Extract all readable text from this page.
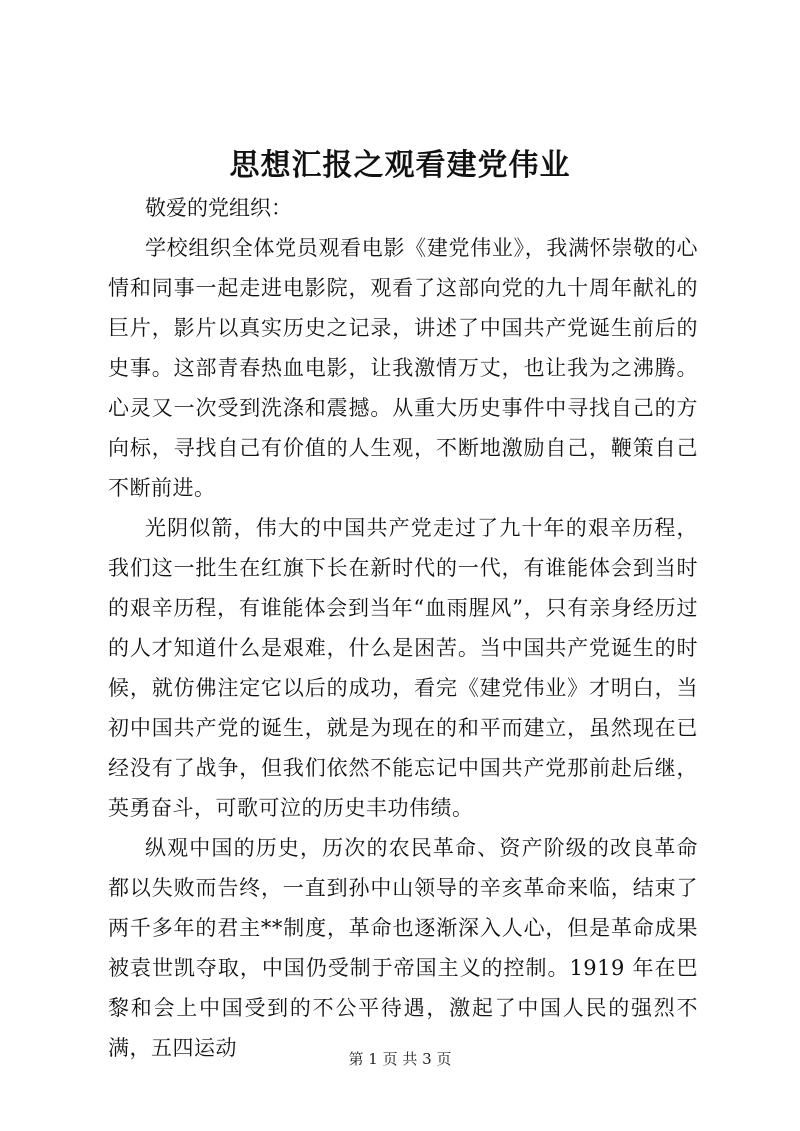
思想汇报之观看建党伟业

敬爱的党组织：

学校组织全体党员观看电影《建党伟业》，我满怀崇敬的心情和同事一起走进电影院，观看了这部向党的九十周年献礼的巨片，影片以真实历史之记录，讲述了中国共产党诞生前后的史事。这部青春热血电影，让我激情万丈，也让我为之沸腾。心灵又一次受到洗涤和震撼。从重大历史事件中寻找自己的方向标，寻找自己有价值的人生观，不断地激励自己，鞭策自己不断前进。

光阴似箭，伟大的中国共产党走过了九十年的艰辛历程，我们这一批生在红旗下长在新时代的一代，有谁能体会到当时的艰辛历程，有谁能体会到当年“血雨腥风”，只有亲身经历过的人才知道什么是艰难，什么是困苦。当中国共产党诞生的时候，就仿佛注定它以后的成功，看完《建党伟业》才明白，当初中国共产党的诞生，就是为现在的和平而建立，虽然现在已经没有了战争，但我们依然不能忘记中国共产党那前赴后继，英勇奋斗，可歌可泣的历史丰功伟绩。

纵观中国的历史，历次的农民革命、资产阶级的改良革命都以失败而告终，一直到孙中山领导的辛亥革命来临，结束了两千多年的君主**制度，革命也逐渐深入人心，但是革命成果被袁世凯夺取，中国仍受制于帝国主义的控制。1919 年在巴黎和会上中国受到的不公平待遇，激起了中国人民的强烈不满，五四运动	第 1 页 共 3 页
